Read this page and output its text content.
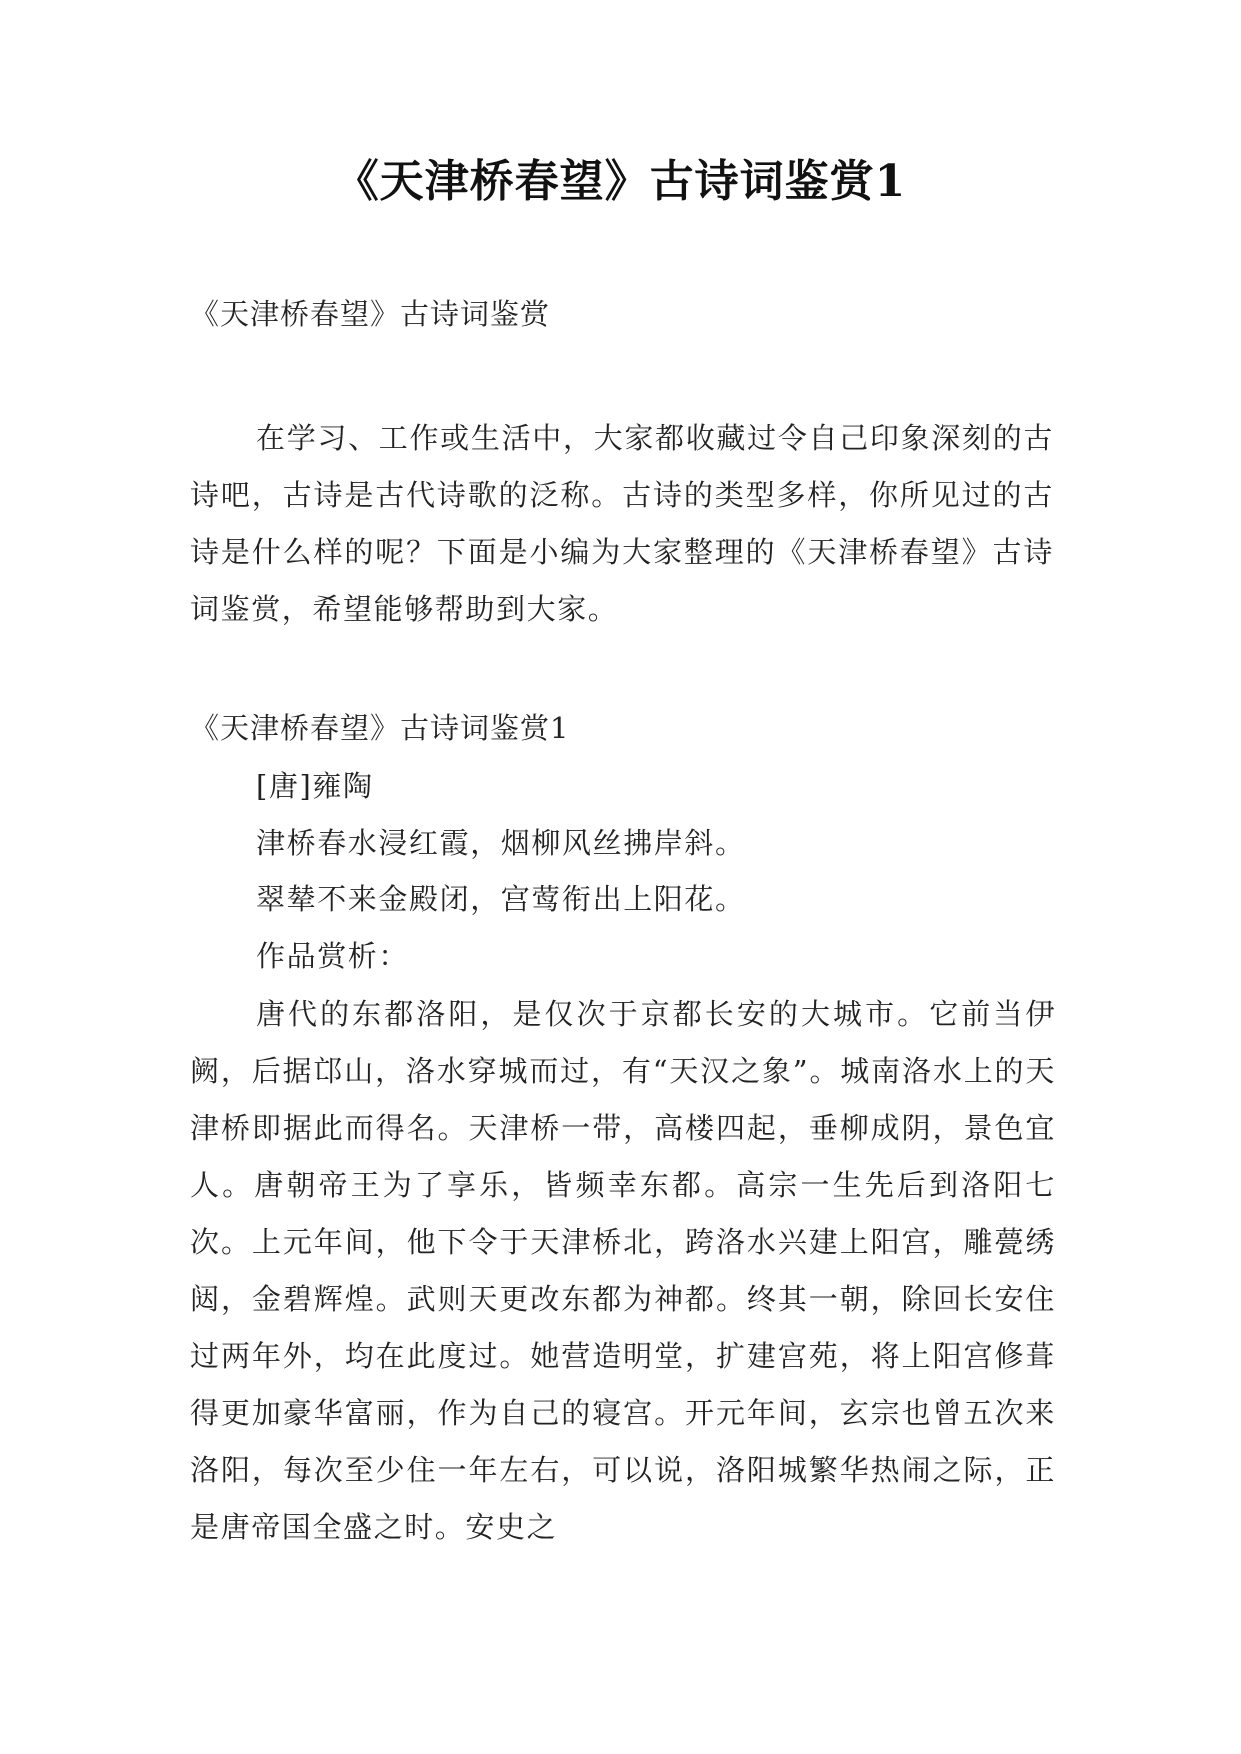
《天津桥春望》古诗词鉴赏1
《天津桥春望》古诗词鉴赏

在学习、工作或生活中，大家都收藏过令自己印象深刻的古诗吧，古诗是古代诗歌的泛称。古诗的类型多样，你所见过的古诗是什么样的呢？下面是小编为大家整理的《天津桥春望》古诗词鉴赏，希望能够帮助到大家。

《天津桥春望》古诗词鉴赏1
[唐]雍陶
津桥春水浸红霞，烟柳风丝拂岸斜。
翠辇不来金殿闭，宫莺衔出上阳花。
作品赏析：

唐代的东都洛阳，是仅次于京都长安的大城市。它前当伊阙，后据邙山，洛水穿城而过，有“天汉之象”。城南洛水上的天津桥即据此而得名。天津桥一带，高楼四起，垂柳成阴，景色宜人。唐朝帝王为了享乐，皆频幸东都。高宗一生先后到洛阳七次。上元年间，他下令于天津桥北，跨洛水兴建上阳宫，雕甍绣闼，金碧辉煌。武则天更改东都为神都。终其一朝，除回长安住过两年外，均在此度过。她营造明堂，扩建宫苑，将上阳宫修葺得更加豪华富丽，作为自己的寝宫。开元年间，玄宗也曾五次来洛阳，每次至少住一年左右，可以说，洛阳城繁华热闹之际，正是唐帝国全盛之时。安史之
